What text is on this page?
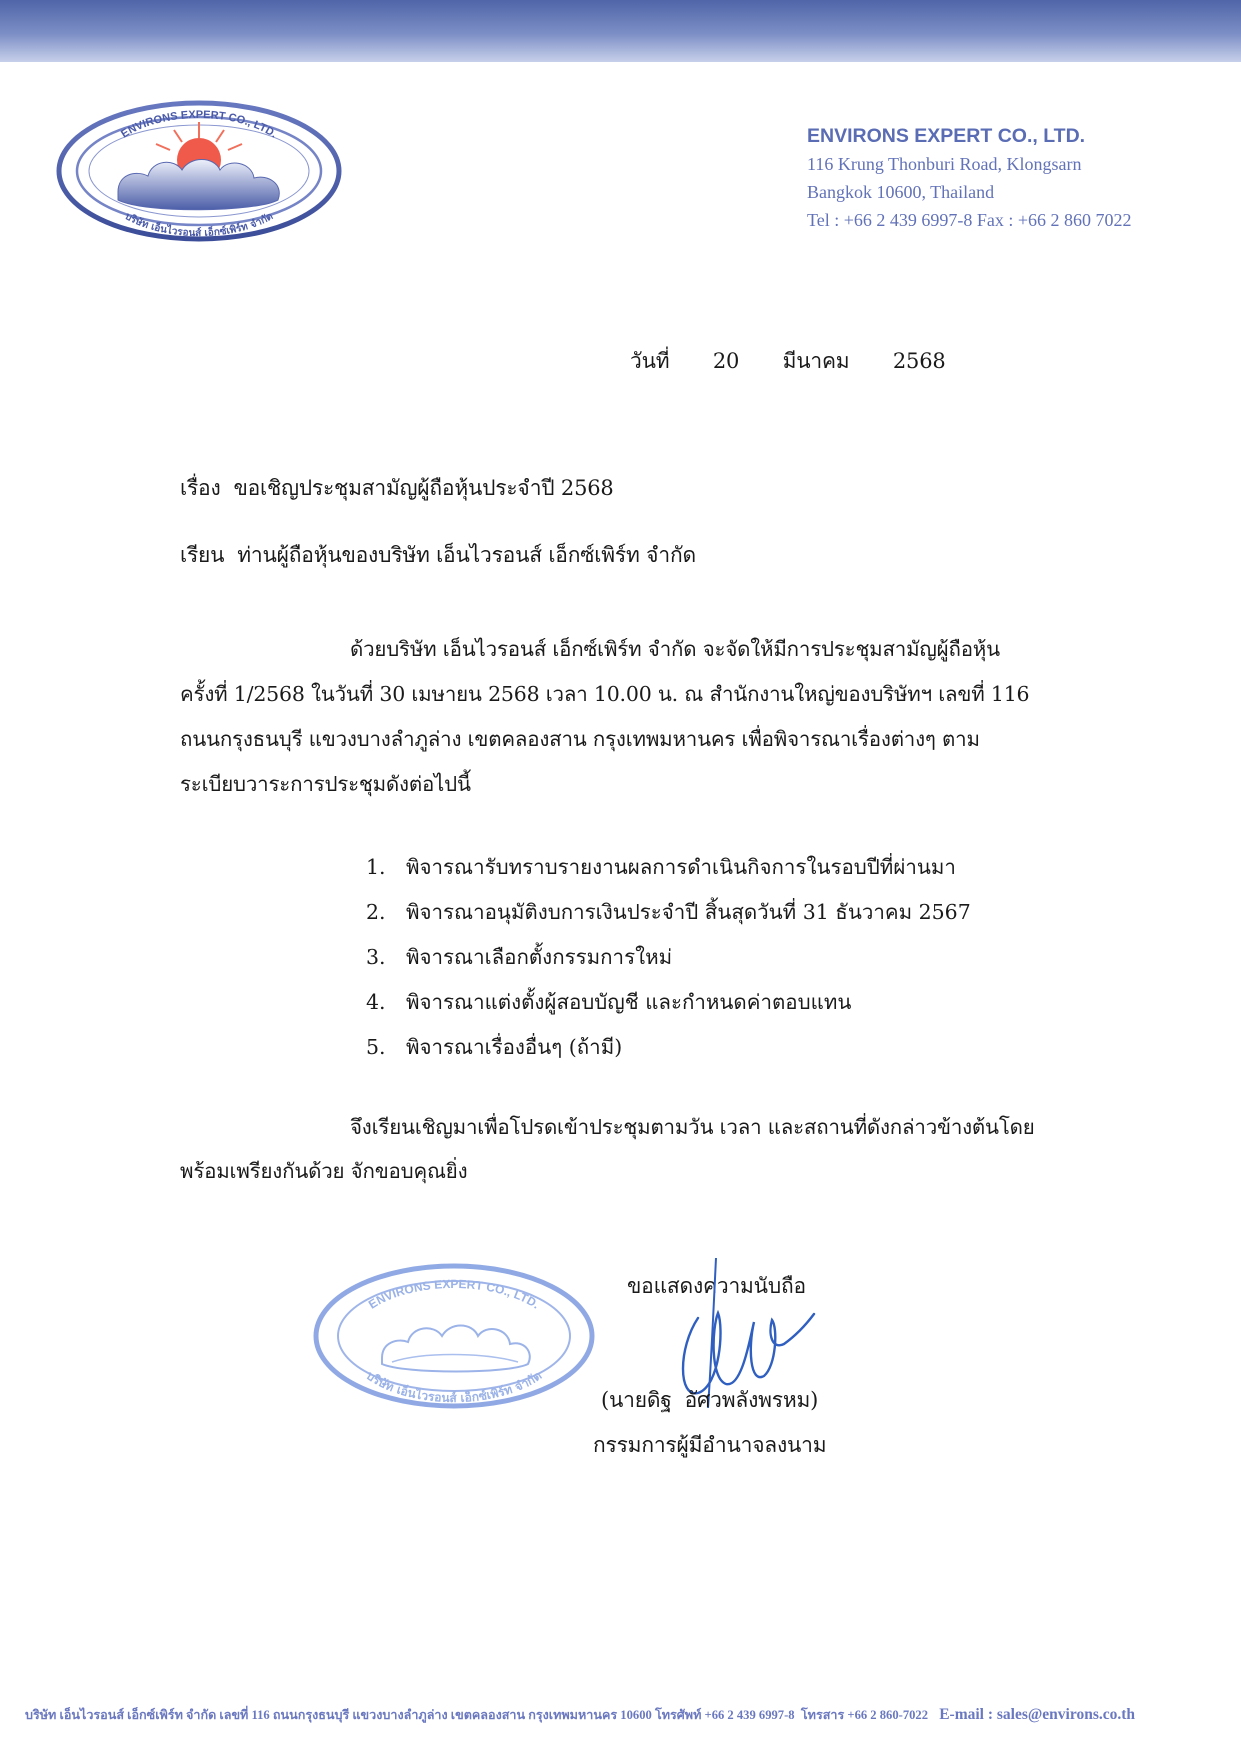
ENVIRONS EXPERT CO., LTD.
บริษัท เอ็นไวรอนส์ เอ็กซ์เพิร์ท จำกัด
ENVIRONS EXPERT CO., LTD.
116 Krung Thonburi Road, Klongsarn
Bangkok 10600, Thailand
Tel : +66 2 439 6997-8 Fax : +66 2 860 7022
วันที่   20   มีนาคม   2568
เรื่อง  ขอเชิญประชุมสามัญผู้ถือหุ้นประจำปี 2568
เรียน  ท่านผู้ถือหุ้นของบริษัท เอ็นไวรอนส์ เอ็กซ์เพิร์ท จำกัด
ด้วยบริษัท เอ็นไวรอนส์ เอ็กซ์เพิร์ท จำกัด จะจัดให้มีการประชุมสามัญผู้ถือหุ้น
ครั้งที่ 1/2568 ในวันที่ 30 เมษายน 2568 เวลา 10.00 น. ณ สำนักงานใหญ่ของบริษัทฯ เลขที่ 116
ถนนกรุงธนบุรี แขวงบางลำภูล่าง เขตคลองสาน กรุงเทพมหานคร เพื่อพิจารณาเรื่องต่างๆ ตาม
ระเบียบวาระการประชุมดังต่อไปนี้
1. พิจารณารับทราบรายงานผลการดำเนินกิจการในรอบปีที่ผ่านมา
2. พิจารณาอนุมัติงบการเงินประจำปี สิ้นสุดวันที่ 31 ธันวาคม 2567
3. พิจารณาเลือกตั้งกรรมการใหม่
4. พิจารณาแต่งตั้งผู้สอบบัญชี และกำหนดค่าตอบแทน
5. พิจารณาเรื่องอื่นๆ (ถ้ามี)
จึงเรียนเชิญมาเพื่อโปรดเข้าประชุมตามวัน เวลา และสถานที่ดังกล่าวข้างต้นโดย
พร้อมเพรียงกันด้วย จักขอบคุณยิ่ง
ENVIRONS EXPERT CO., LTD.
บริษัท เอ็นไวรอนส์ เอ็กซ์เพิร์ท จำกัด
ขอแสดงความนับถือ
(นายดิฐ  อัศวพลังพรหม)
กรรมการผู้มีอำนาจลงนาม
บริษัท เอ็นไวรอนส์ เอ็กซ์เพิร์ท จำกัด เลขที่ 116 ถนนกรุงธนบุรี แขวงบางลำภูล่าง เขตคลองสาน กรุงเทพมหานคร 10600 โทรศัพท์ +66 2 439 6997-8  โทรสาร +66 2 860-7022 E-mail : sales@environs.co.th
